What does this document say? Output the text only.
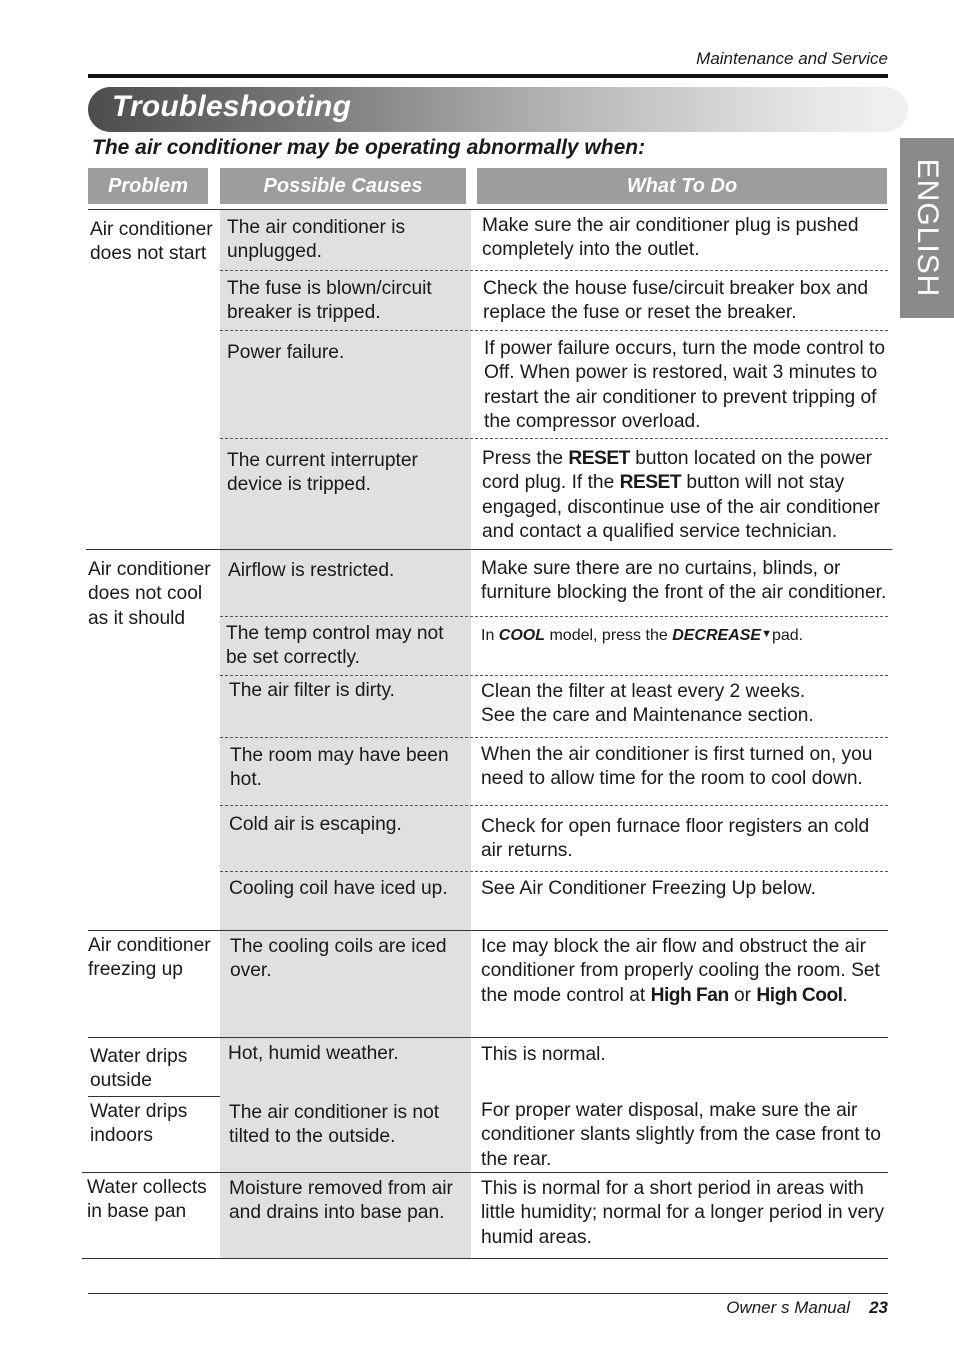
Maintenance and Service
Troubleshooting
ENGLISH
The air conditioner may be operating abnormally when:
Problem	Possible Causes	What To Do
Air conditioner does not start
Air conditioner does not cool as it should
Air conditioner freezing up
Water drips outside
Water drips indoors
Water collects in base pan
The air conditioner is unplugged.
The fuse is blown/circuit breaker is tripped.
Power failure.
The current interrupter device is tripped.
Airflow is restricted.
The temp control may not be set correctly.
The air filter is dirty.
The room may have been hot.
Cold air is escaping.
Cooling coil have iced up.
The cooling coils are iced over.
Hot, humid weather.
The air conditioner is not tilted to the outside.
Moisture removed from air and drains into base pan.
Make sure the air conditioner plug is pushed completely into the outlet.
Check the house fuse/circuit breaker box and replace the fuse or reset the breaker.
If power failure occurs, turn the mode control to Off. When power is restored, wait 3 minutes to restart the air conditioner to prevent tripping of the compressor overload.
Press the RESET button located on the power cord plug. If the RESET button will not stay engaged, discontinue use of the air conditioner and contact a qualified service technician.
Make sure there are no curtains, blinds, or furniture blocking the front of the air conditioner.
In COOL model, press the DECREASE▼pad.
Clean the filter at least every 2 weeks.
See the care and Maintenance section.
When the air conditioner is first turned on, you need to allow time for the room to cool down.
Check for open furnace floor registers an cold air returns.
See Air Conditioner Freezing Up below.
Ice may block the air flow and obstruct the air conditioner from properly cooling the room. Set the mode control at High Fan or High Cool.
This is normal.
For proper water disposal, make sure the air conditioner slants slightly from the case front to the rear.
This is normal for a short period in areas with little humidity; normal for a longer period in very humid areas.
Owner s Manual 23
